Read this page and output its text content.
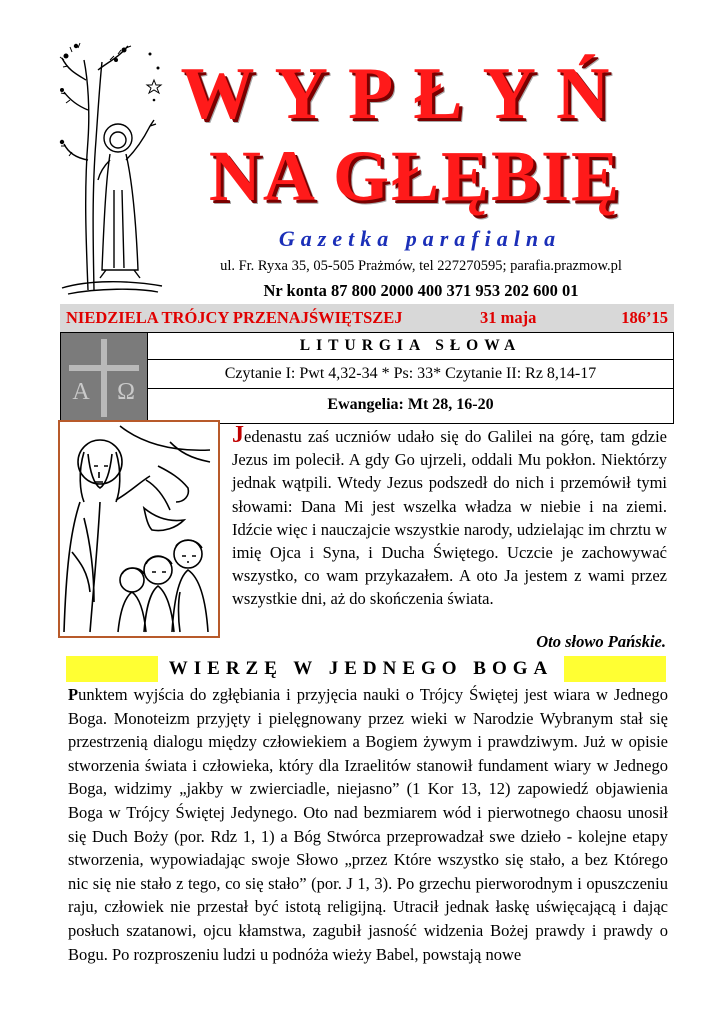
WYPŁYŃ
NA GŁĘBIĘ
Gazetka parafialna
ul. Fr. Ryxa 35, 05-505 Prażmów, tel 227270595; parafia.prazmow.pl
Nr konta 87 800 2000 400 371 953 202 600 01
NIEDZIELA TRÓJCY PRZENAJŚWIĘTSZEJ	31 maja	186’15
Α Ω
LITURGIA SŁOWA
Czytanie I: Pwt 4,32-34 * Ps: 33* Czytanie II: Rz 8,14-17
Ewangelia: Mt 28, 16-20
Jedenastu zaś uczniów udało się do Galilei na górę, tam gdzie Jezus im polecił. A gdy Go ujrzeli, oddali Mu pokłon. Niektórzy jednak wątpili. Wtedy Jezus podszedł do nich i przemówił tymi słowami: Dana Mi jest wszelka władza w niebie i na ziemi. Idźcie więc i nauczajcie wszystkie narody, udzielając im chrztu w imię Ojca i Syna, i Ducha Świętego. Uczcie je zachowywać wszystko, co wam przykazałem. A oto Ja jestem z wami przez wszystkie dni, aż do skończenia świata.
Oto słowo Pańskie.
WIERZĘ W JEDNEGO BOGA
Punktem wyjścia do zgłębiania i przyjęcia nauki o Trójcy Świętej jest wiara w Jednego Boga. Monoteizm przyjęty i pielęgnowany przez wieki w Narodzie Wybranym stał się przestrzenią dialogu między człowiekiem a Bogiem żywym i prawdziwym. Już w opisie stworzenia świata i człowieka, który dla Izraelitów stanowił fundament wiary w Jednego Boga, widzimy „jakby w zwierciadle, niejasno” (1 Kor 13, 12) zapowiedź objawienia Boga w Trójcy Świętej Jedynego. Oto nad bezmiarem wód i pierwotnego chaosu unosił się Duch Boży (por. Rdz 1, 1) a Bóg Stwórca przeprowadzał swe dzieło - kolejne etapy stworzenia, wypowiadając swoje Słowo „przez Które wszystko się stało, a bez Którego nic się nie stało z tego, co się stało” (por. J 1, 3). Po grzechu pierworodnym i opuszczeniu raju, człowiek nie przestał być istotą religijną. Utracił jednak łaskę uświęcającą i dając posłuch szatanowi, ojcu kłamstwa, zagubił jasność widzenia Bożej prawdy i prawdy o Bogu. Po rozproszeniu ludzi u podnóża wieży Babel, powstają nowe
